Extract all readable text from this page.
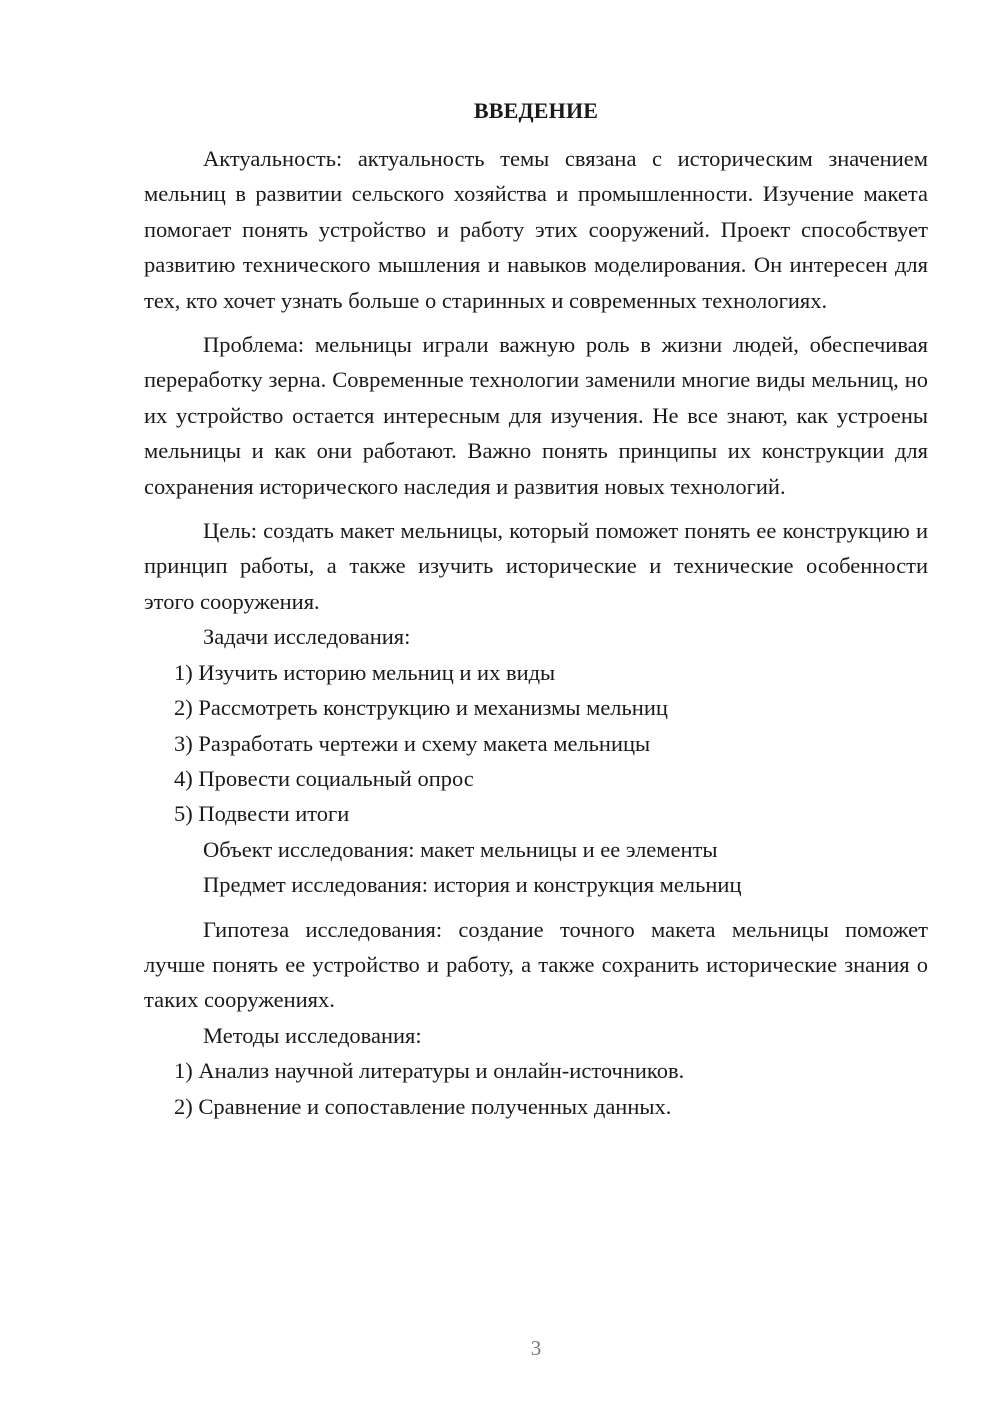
ВВЕДЕНИЕ

Актуальность: актуальность темы связана с историческим значением мельниц в развитии сельского хозяйства и промышленности. Изучение макета помогает понять устройство и работу этих сооружений. Проект способствует развитию технического мышления и навыков моделирования. Он интересен для тех, кто хочет узнать больше о старинных и современных технологиях.

Проблема: мельницы играли важную роль в жизни людей, обеспечивая переработку зерна. Современные технологии заменили многие виды мельниц, но их устройство остается интересным для изучения. Не все знают, как устроены мельницы и как они работают. Важно понять принципы их конструкции для сохранения исторического наследия и развития новых технологий.

Цель: создать макет мельницы, который поможет понять ее конструкцию и принцип работы, а также изучить исторические и технические особенности этого сооружения.

Задачи исследования:

1) Изучить историю мельниц и их виды

2) Рассмотреть конструкцию и механизмы мельниц

3) Разработать чертежи и схему макета мельницы

4) Провести социальный опрос

5) Подвести итоги

Объект исследования: макет мельницы и ее элементы

Предмет исследования: история и конструкция мельниц

Гипотеза исследования: создание точного макета мельницы поможет лучше понять ее устройство и работу, а также сохранить исторические знания о таких сооружениях.

Методы исследования:

1) Анализ научной литературы и онлайн-источников.

2) Сравнение и сопоставление полученных данных.

3
